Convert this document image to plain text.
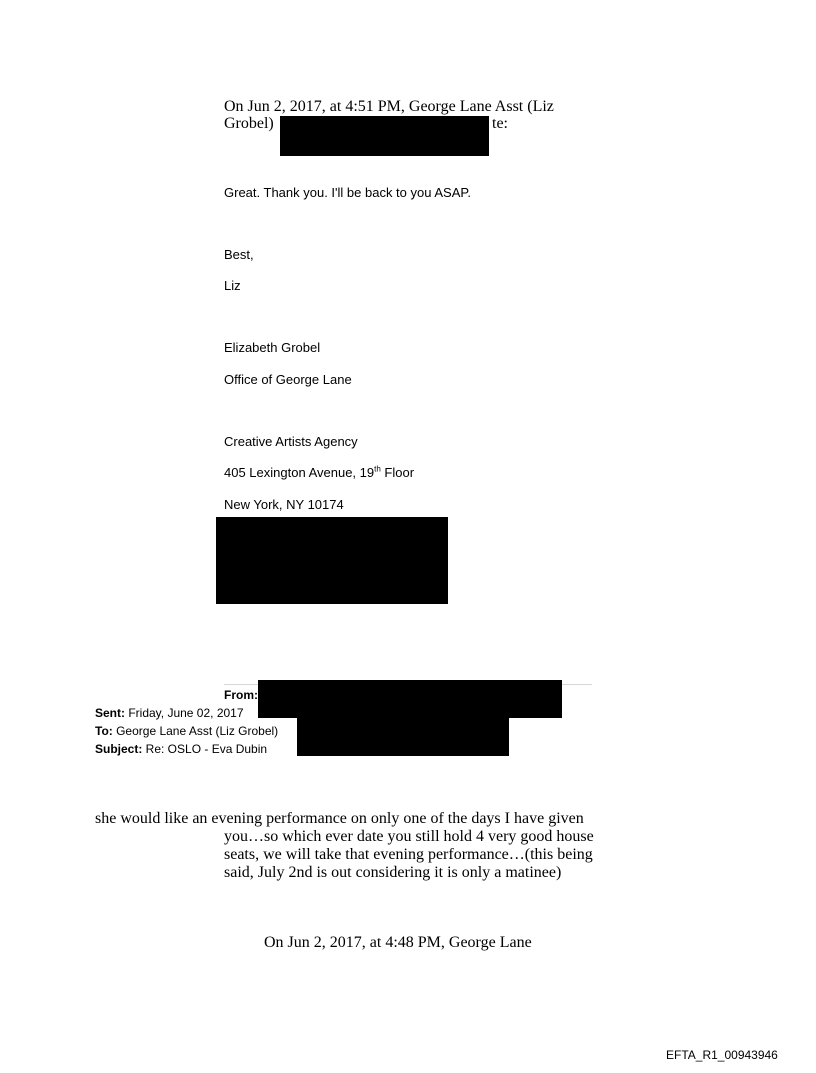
On Jun 2, 2017, at 4:51 PM, George Lane Asst (Liz
Grobel)	te:
Great. Thank you. I'll be back to you ASAP.
Best,
Liz
Elizabeth Grobel
Office of George Lane
Creative Artists Agency
405 Lexington Avenue, 19th Floor
New York, NY 10174
From:
Sent: Friday, June 02, 2017
To: George Lane Asst (Liz Grobel)
Subject: Re: OSLO - Eva Dubin
she would like an evening performance on only one of the days I have given
you…so which ever date you still hold 4 very good house
seats, we will take that evening performance…(this being
said, July 2nd is out considering it is only a matinee)
On Jun 2, 2017, at 4:48 PM, George Lane
EFTA_R1_00943946
